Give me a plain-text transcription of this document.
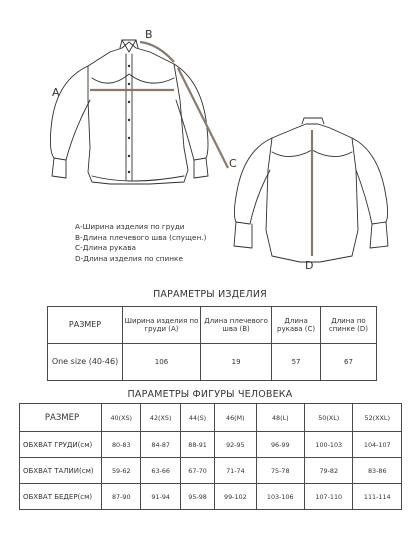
A
B
C
D
А-Ширина изделия по груди
В-Длина плечевого шва (спущен.)
С-Длина рукава
D-Длина изделия по спинке
ПАРАМЕТРЫ ИЗДЕЛИЯ
РАЗМЕР	Ширина изделия по груди (А)	Длина плечевого шва (В)	Длина рукава (С)	Длина по спинке (D)
One size (40-46)	106	19	57	67
ПАРАМЕТРЫ ФИГУРЫ ЧЕЛОВЕКА
РАЗМЕР	40(XS)	42(XS)	44(S)	46(M)	48(L)	50(XL)	52(XXL)
ОБХВАТ ГРУДИ(см)	80-83	84-87	88-91	92-95	96-99	100-103	104-107
ОБХВАТ ТАЛИИ(см)	59-62	63-66	67-70	71-74	75-78	79-82	83-86
ОБХВАТ БЕДЕР(см)	87-90	91-94	95-98	99-102	103-106	107-110	111-114
